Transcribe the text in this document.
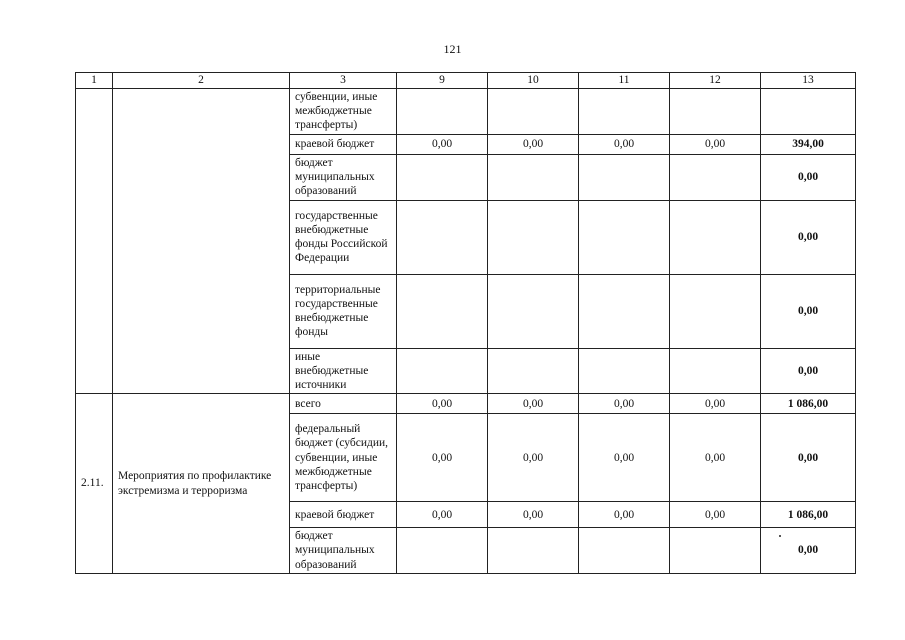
121
1	2	3	9	10	11	12	13
		субвенции, иные межбюджетные трансферты)					
		краевой бюджет	0,00	0,00	0,00	0,00	394,00
		бюджет муниципальных образований					0,00
		государственные внебюджетные фонды Российской Федерации					0,00
		территориальные государственные внебюджетные фонды					0,00
		иные внебюджетные источники					0,00
2.11.	Мероприятия по профилактике экстремизма и терроризма	всего	0,00	0,00	0,00	0,00	1 086,00
		федеральный бюджет (субсидии, субвенции, иные межбюджетные трансферты)	0,00	0,00	0,00	0,00	0,00
		краевой бюджет	0,00	0,00	0,00	0,00	1 086,00
		бюджет муниципальных образований					0,00
